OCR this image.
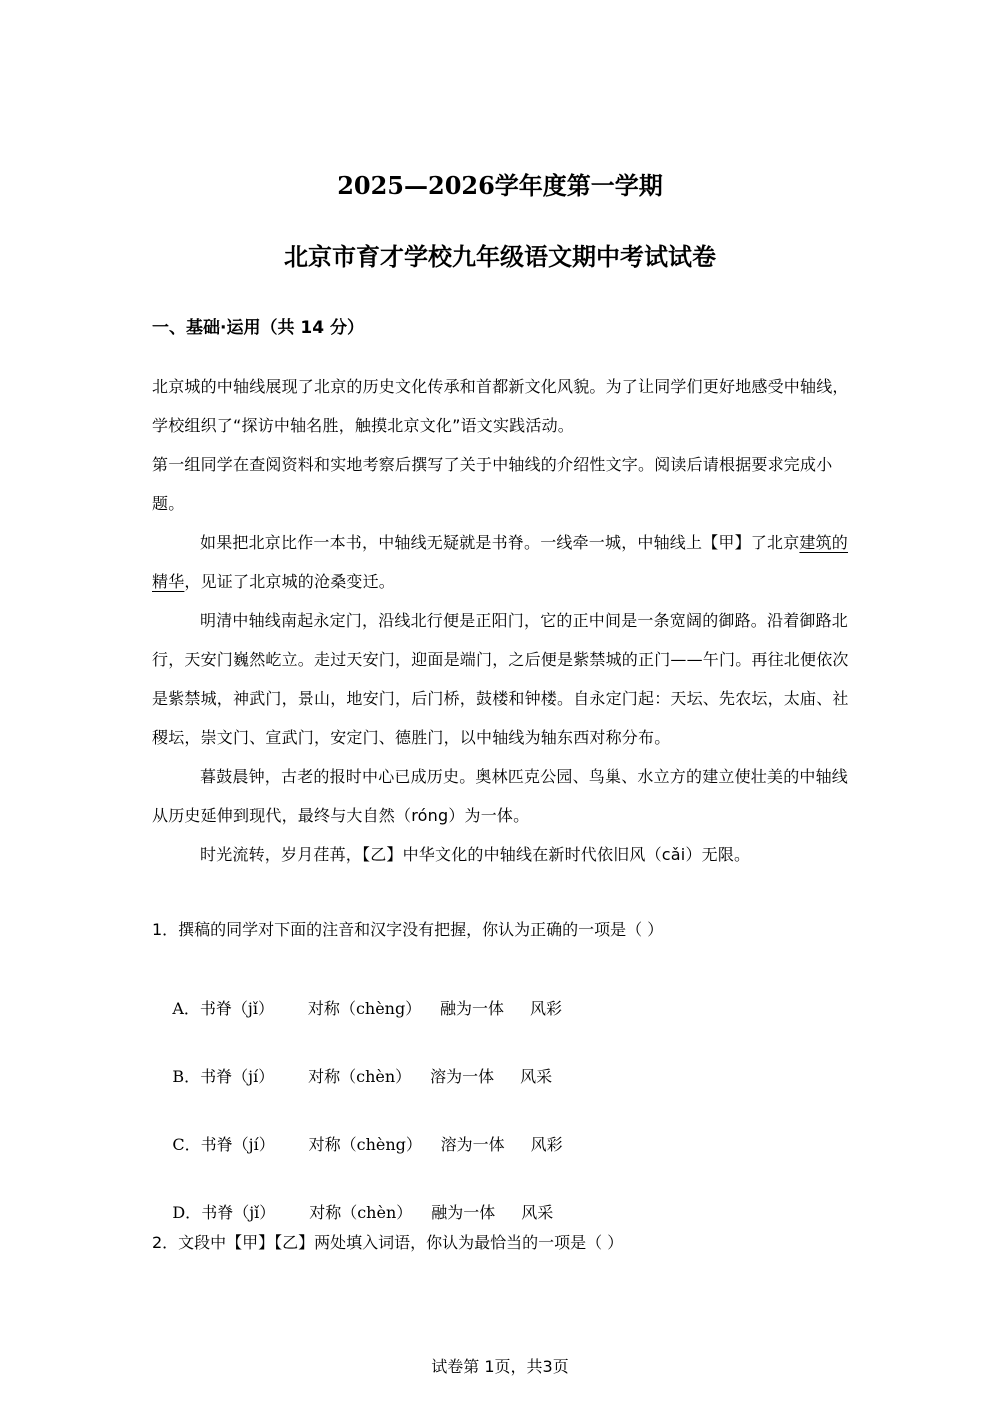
2025—2026学年度第一学期
北京市育才学校九年级语文期中考试试卷
一、基础·运用（共 14 分）

北京城的中轴线展现了北京的历史文化传承和首都新文化风貌。为了让同学们更好地感受中轴线，学校组织了“探访中轴名胜，触摸北京文化”语文实践活动。

第一组同学在查阅资料和实地考察后撰写了关于中轴线的介绍性文字。阅读后请根据要求完成小题。

如果把北京比作一本书，中轴线无疑就是书脊。一线牵一城，中轴线上【甲】了北京建筑的精华，见证了北京城的沧桑变迁。

明清中轴线南起永定门，沿线北行便是正阳门，它的正中间是一条宽阔的御路。沿着御路北行，天安门巍然屹立。走过天安门，迎面是端门，之后便是紫禁城的正门——午门。再往北便依次是紫禁城，神武门，景山，地安门，后门桥，鼓楼和钟楼。自永定门起：天坛、先农坛，太庙、社稷坛，崇文门、宣武门，安定门、德胜门，以中轴线为轴东西对称分布。

暮鼓晨钟，古老的报时中心已成历史。奥林匹克公园、鸟巢、水立方的建立使壮美的中轴线从历史延伸到现代，最终与大自然（róng）为一体。

时光流转，岁月荏苒，【乙】中华文化的中轴线在新时代依旧风（cǎi）无限。

1．撰稿的同学对下面的注音和汉字没有把握，你认为正确的一项是（ ）

A．书脊（jǐ） 对称（chèng） 融为一体 风彩

B．书脊（jí） 对称（chèn） 溶为一体 风采

C．书脊（jí） 对称（chèng） 溶为一体 风彩

D．书脊（jǐ） 对称（chèn） 融为一体 风采

2．文段中【甲】【乙】两处填入词语，你认为最恰当的一项是（ ）
试卷第 1页，共3页
